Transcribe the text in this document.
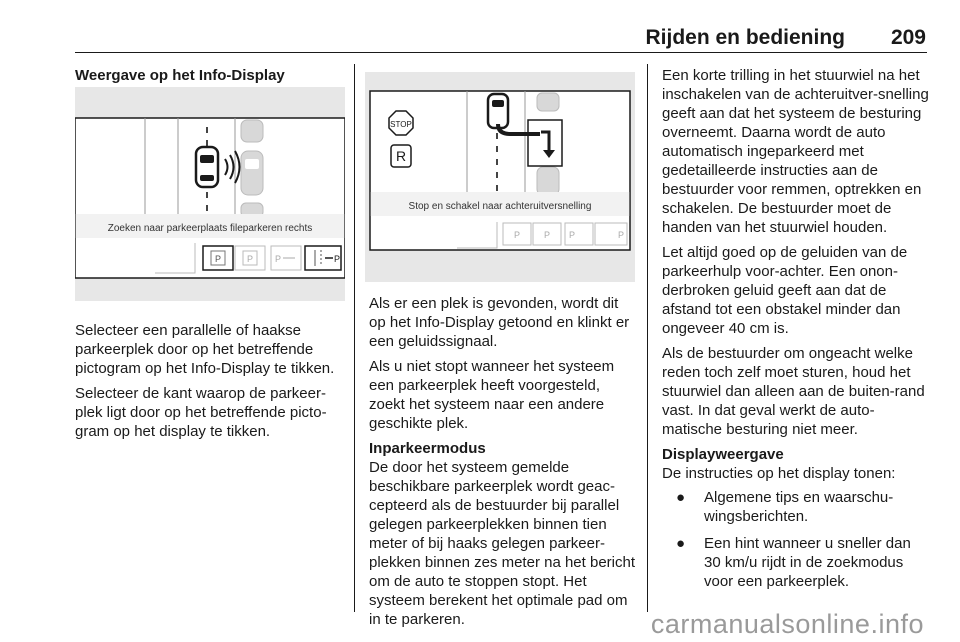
Rijden en bediening 209
Weergave op het Info-Display
Zoeken naar parkeerplaats fileparkeren rechts
P	P P	P

Selecteer een parallelle of haakse parkeerplek door op het betreffende pictogram op het Info-Display te tikken.

Selecteer de kant waarop de parkeer-plek ligt door op het betreffende picto-gram op het display te tikken.

STOP
R
Stop en schakel naar achteruitversnelling
P	P P	P

Als er een plek is gevonden, wordt dit op het Info-Display getoond en klinkt er een geluidssignaal.

Als u niet stopt wanneer het systeem een parkeerplek heeft voorgesteld, zoekt het systeem naar een andere geschikte plek.

Inparkeermodus

De door het systeem gemelde beschikbare parkeerplek wordt geac-cepteerd als de bestuurder bij parallel gelegen parkeerplekken binnen tien meter of bij haaks gelegen parkeer-plekken binnen zes meter na het bericht om de auto te stoppen stopt. Het systeem berekent het optimale pad om in te parkeren.

Een korte trilling in het stuurwiel na het inschakelen van de achteruitver-snelling geeft aan dat het systeem de besturing overneemt. Daarna wordt de auto automatisch ingeparkeerd met gedetailleerde instructies aan de bestuurder voor remmen, optrekken en schakelen. De bestuurder moet de handen van het stuurwiel houden.

Let altijd goed op de geluiden van de parkeerhulp voor-achter. Een onon-derbroken geluid geeft aan dat de afstand tot een obstakel minder dan ongeveer 40 cm is.

Als de bestuurder om ongeacht welke reden toch zelf moet sturen, houd het stuurwiel dan alleen aan de buiten-rand vast. In dat geval werkt de auto-matische besturing niet meer.

Displayweergave

De instructies op het display tonen:

● Algemene tips en waarschu-wingsberichten.
● Een hint wanneer u sneller dan 30 km/u rijdt in de zoekmodus voor een parkeerplek.
carmanualsonline.info
